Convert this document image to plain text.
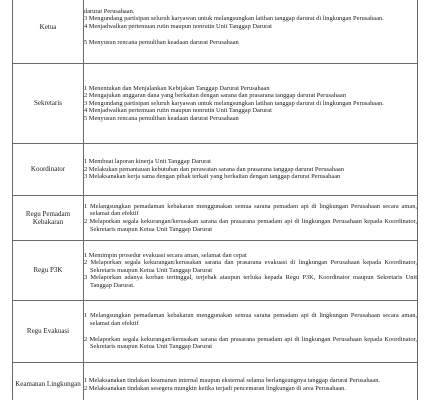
Ketua	darurat Perusahaan.
3 Mengundang partisipan seluruh karyawan untuk melangsungkan latihan tanggap darurat di lingkungan Perusahaan.
4 Menjadwalkan pertemuan rutin maupun nonrutin Unit Tanggap Darurat
5 Menyusun rencana pemulihan keadaan darurat Perusahaan

Sekretaris	1 Menentukan dan Menjalankan Kebijakan Tanggap Darurat Perusahaan
2 Mengajukan anggaran dana yang berkaitan dengan sarana dan prasarana tanggap darurat Perusahaan
3 Mengundang partisipan seluruh karyawan untuk melangsungkan latihan tanggap darurat di lingkungan Perusahaan.
4 Menjadwalkan pertemuan rutin maupun nonrutin Unit Tanggap Darurat
5 Menyusun rencana pemulihan keadaan darurat Perusahaan

Koordinator	1 Membuat laporan kinerja Unit Tanggap Darurat
2 Melakukan pemantauan kebutuhan dan perawatan sarana dan prasarana tanggap darurat Perusahaan
3 Melaksanakan kerja sama dengan pihak terkait yang berkaitan dengan tanggap darurat Perusahaan

Regu Pemadam Kebakaran	1 Melangsungkan pemadaman kebakaran menggunakan semua sarana pemadam api di lingkungan Perusahaan secara aman, selamat dan efektif
2 Melaporkan segala kekurangan/kerusakan sarana dan prasarana pemadam api di lingkungan Perusahaan kepada Koordinator, Sekretaris maupun Ketua Unit Tanggap Darurat

Regu P3K	1 Memimpin prosedur evakuasi secara aman, selamat dan cepat
2 Melaporkan segala kekurangan/kerusakan sarana dan prasarana evakuasi di lingkungan Perusahaan kepada Koordinator, Sekretaris maupun Ketua Unit Tanggap Darurat
3 Melaporkan adanya korban tertinggal, terjebak ataupun terluka kepada Regu P3K, Koordinator maupun Sekretaris Unit Tanggap Darurat.

Regu Evakuasi	1 Melangsungkan pemadaman kebakaran menggunakan semua sarana pemadam api di lingkungan Perusahaan secara aman, selamat dan efektif
2 Melaporkan segala kekurangan/kerusakan sarana dan prasarana pemadam api di lingkungan Perusahaan kepada Koordinator, Sekretaris maupun Ketua Unit Tanggap Darurat

Keamanan Lingkungan	1 Melaksanakan tindakan keamanan internal maupun eksternal selama berlangsungnya tanggap darurat Perusahaan.
2 Melaksanakan tindakan sesegera mungkin ketika terjadi pencemaran lingkungan di area Perusahaan.
